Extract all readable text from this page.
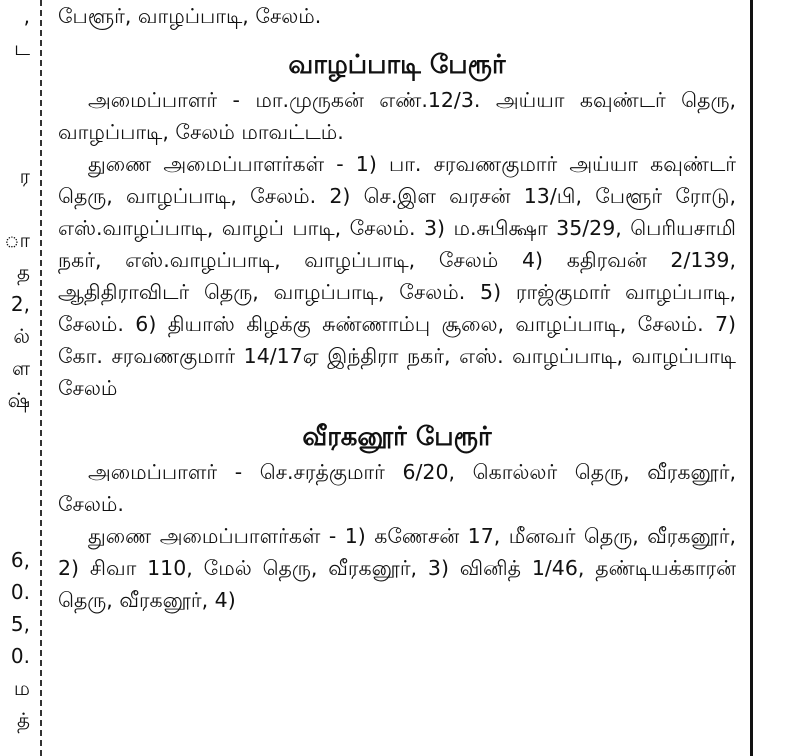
,
ட
ர
ா
த
2,
ல்
ள
ஷ்
6,
0.
5,
0.
ம
த்

பேளூர், வாழப்பாடி, சேலம்.

வாழப்பாடி பேரூர்

அமைப்பாளர் - மா.முருகன் எண்.12/3. அய்யா கவுண்டர் தெரு, வாழப்பாடி, சேலம் மாவட்டம்.

துணை அமைப்பாளர்கள் - 1) பா. சரவணகுமார் அய்யா கவுண்டர் தெரு, வாழப்பாடி, சேலம். 2) செ.இள வரசன் 13/பி, பேளூர் ரோடு, எஸ்.வாழப்பாடி, வாழப் பாடி, சேலம். 3) ம.சுபிக்ஷா 35/29, பெரியசாமி நகர், எஸ்.வாழப்பாடி, வாழப்பாடி, சேலம் 4) கதிரவன் 2/139, ஆதிதிராவிடர் தெரு, வாழப்பாடி, சேலம். 5) ராஜ்குமார் வாழப்பாடி, சேலம். 6) தியாஸ் கிழக்கு சுண்ணாம்பு சூலை, வாழப்பாடி, சேலம். 7) கோ. சரவணகுமார் 14/17ஏ இந்திரா நகர், எஸ். வாழப்பாடி, வாழப்பாடி சேலம்

வீரகனூர் பேரூர்

அமைப்பாளர் - செ.சரத்குமார் 6/20, கொல்லர் தெரு, வீரகனூர், சேலம்.

துணை அமைப்பாளர்கள் - 1) கணேசன் 17, மீனவர் தெரு, வீரகனூர், 2) சிவா 110, மேல் தெரு, வீரகனூர், 3) வினித் 1/46, தண்டியக்காரன் தெரு, வீரகனூர், 4)
